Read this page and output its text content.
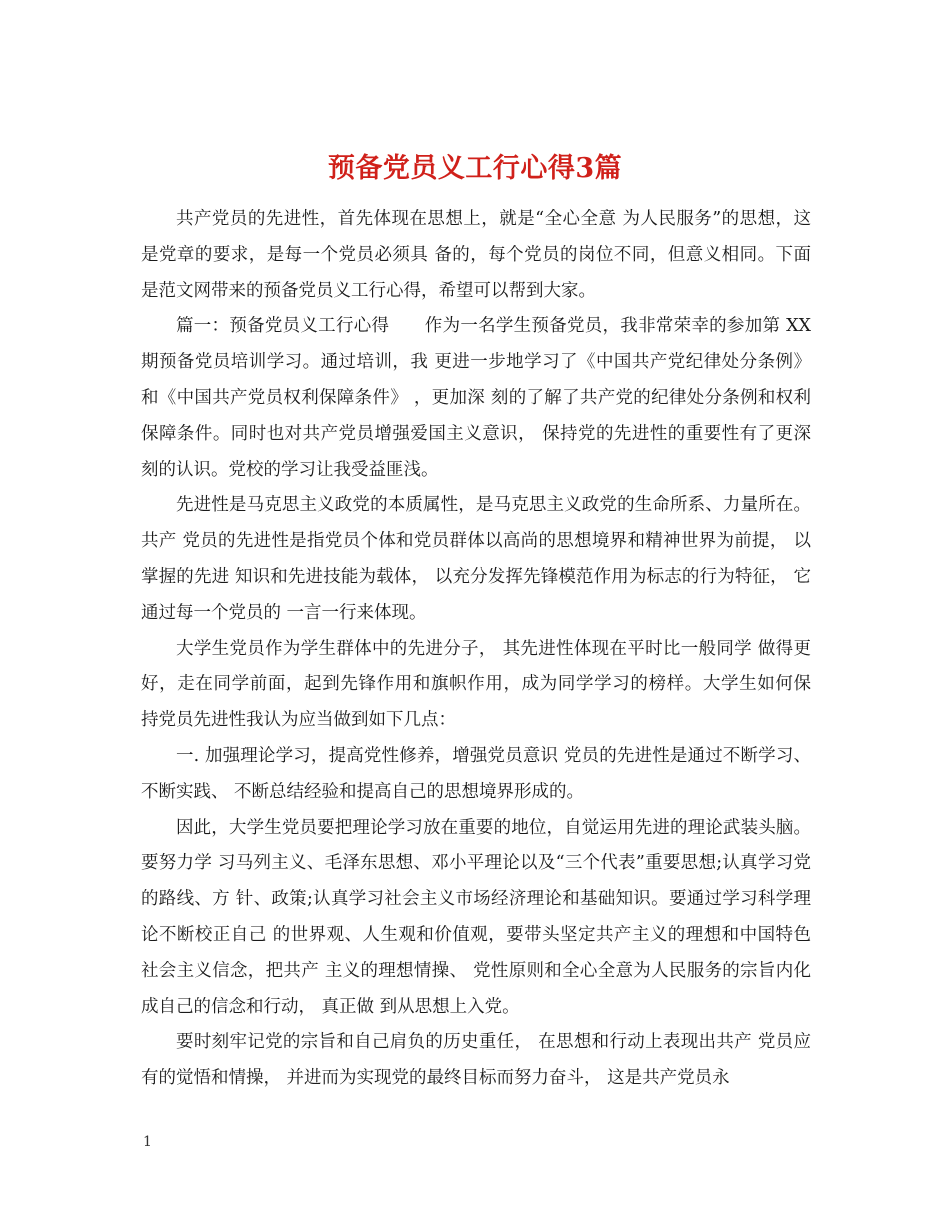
预备党员义工行心得3篇

共产党员的先进性，首先体现在思想上，就是“全心全意 为人民服务”的思想，这是党章的要求，是每一个党员必须具 备的，每个党员的岗位不同，但意义相同。下面是范文网带来的预备党员义工行心得，希望可以帮到大家。

篇一：预备党员义工行心得　　作为一名学生预备党员，我非常荣幸的参加第 XX 期预备党员培训学习。通过培训，我 更进一步地学习了《中国共产党纪律处分条例》和《中国共产党员权利保障条件》 ，更加深 刻的了解了共产党的纪律处分条例和权利保障条件。同时也对共产党员增强爱国主义意识， 保持党的先进性的重要性有了更深刻的认识。党校的学习让我受益匪浅。

先进性是马克思主义政党的本质属性，是马克思主义政党的生命所系、力量所在。共产 党员的先进性是指党员个体和党员群体以高尚的思想境界和精神世界为前提， 以掌握的先进 知识和先进技能为载体， 以充分发挥先锋模范作用为标志的行为特征， 它通过每一个党员的 一言一行来体现。

大学生党员作为学生群体中的先进分子， 其先进性体现在平时比一般同学 做得更好，走在同学前面，起到先锋作用和旗帜作用，成为同学学习的榜样。大学生如何保 持党员先进性我认为应当做到如下几点：

一. 加强理论学习，提高党性修养，增强党员意识 党员的先进性是通过不断学习、 不断实践、 不断总结经验和提高自己的思想境界形成的。

因此，大学生党员要把理论学习放在重要的地位，自觉运用先进的理论武装头脑。要努力学 习马列主义、毛泽东思想、邓小平理论以及“三个代表”重要思想;认真学习党的路线、方 针、政策;认真学习社会主义市场经济理论和基础知识。要通过学习科学理论不断校正自己 的世界观、人生观和价值观，要带头坚定共产主义的理想和中国特色社会主义信念，把共产 主义的理想情操、 党性原则和全心全意为人民服务的宗旨内化成自己的信念和行动， 真正做 到从思想上入党。

要时刻牢记党的宗旨和自己肩负的历史重任， 在思想和行动上表现出共产 党员应有的觉悟和情操， 并进而为实现党的最终目标而努力奋斗， 这是共产党员永

1
